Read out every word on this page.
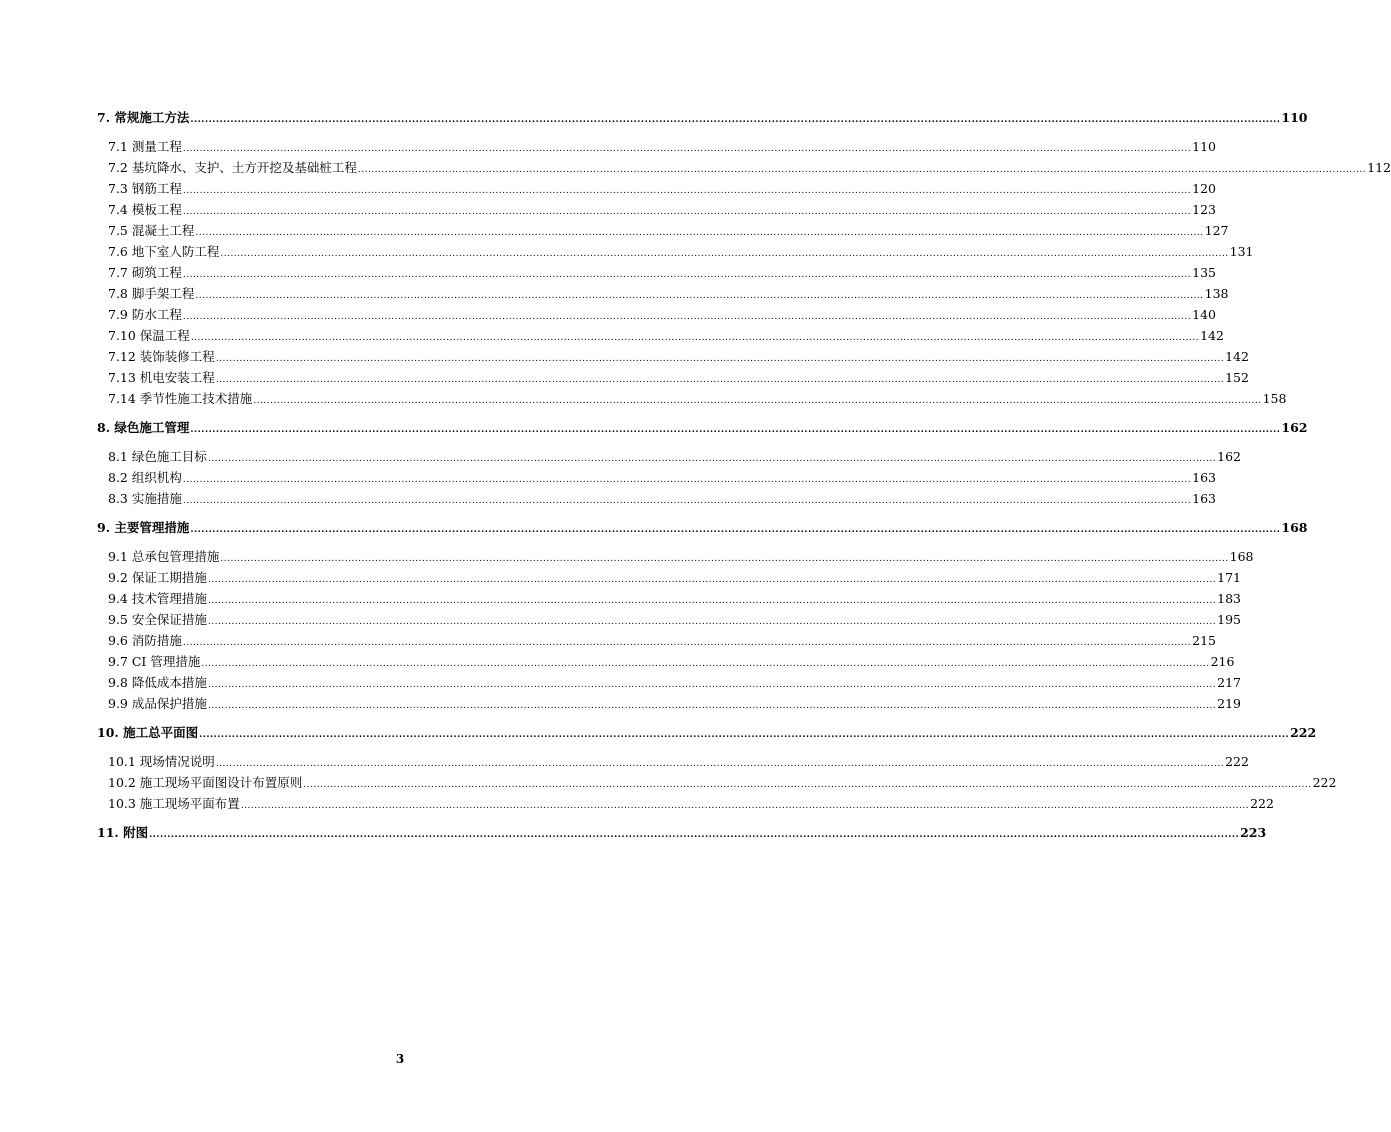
7. 常规施工方法 ............................................................................................................................................................................................................................................................................................................ 110
7.1 测量工程 ............................................................................................................................................................................................................................................................................................................ 110
7.2 基坑降水、支护、土方开挖及基础桩工程 ............................................................................................................................................................................................................................................................................................................ 112
7.3 钢筋工程 ............................................................................................................................................................................................................................................................................................................ 120
7.4 模板工程 ............................................................................................................................................................................................................................................................................................................ 123
7.5 混凝土工程 ............................................................................................................................................................................................................................................................................................................ 127
7.6 地下室人防工程 ............................................................................................................................................................................................................................................................................................................ 131
7.7 砌筑工程 ............................................................................................................................................................................................................................................................................................................ 135
7.8 脚手架工程 ............................................................................................................................................................................................................................................................................................................ 138
7.9 防水工程 ............................................................................................................................................................................................................................................................................................................ 140
7.10 保温工程 ............................................................................................................................................................................................................................................................................................................ 142
7.12 装饰装修工程 ............................................................................................................................................................................................................................................................................................................ 142
7.13 机电安装工程 ............................................................................................................................................................................................................................................................................................................ 152
7.14 季节性施工技术措施 ............................................................................................................................................................................................................................................................................................................ 158
8. 绿色施工管理 ............................................................................................................................................................................................................................................................................................................ 162
8.1 绿色施工目标 ............................................................................................................................................................................................................................................................................................................ 162
8.2 组织机构 ............................................................................................................................................................................................................................................................................................................ 163
8.3 实施措施 ............................................................................................................................................................................................................................................................................................................ 163
9. 主要管理措施 ............................................................................................................................................................................................................................................................................................................ 168
9.1 总承包管理措施 ............................................................................................................................................................................................................................................................................................................ 168
9.2 保证工期措施 ............................................................................................................................................................................................................................................................................................................ 171
9.4 技术管理措施 ............................................................................................................................................................................................................................................................................................................ 183
9.5 安全保证措施 ............................................................................................................................................................................................................................................................................................................ 195
9.6 消防措施 ............................................................................................................................................................................................................................................................................................................ 215
9.7 CI 管理措施 ............................................................................................................................................................................................................................................................................................................ 216
9.8 降低成本措施 ............................................................................................................................................................................................................................................................................................................ 217
9.9 成品保护措施 ............................................................................................................................................................................................................................................................................................................ 219
10. 施工总平面图 ............................................................................................................................................................................................................................................................................................................ 222
10.1 现场情况说明 ............................................................................................................................................................................................................................................................................................................ 222
10.2 施工现场平面图设计布置原则 ............................................................................................................................................................................................................................................................................................................ 222
10.3 施工现场平面布置 ............................................................................................................................................................................................................................................................................................................ 222
11. 附图 ............................................................................................................................................................................................................................................................................................................ 223
3
